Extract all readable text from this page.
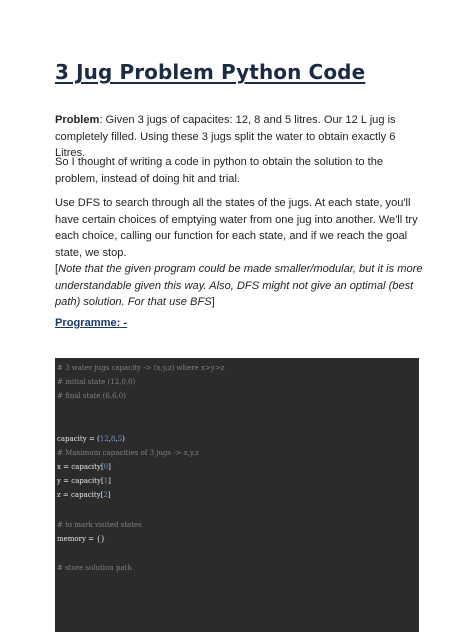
3 Jug Problem Python Code
Problem: Given 3 jugs of capacites: 12, 8 and 5 litres. Our 12 L jug is completely filled. Using these 3 jugs split the water to obtain exactly 6 Litres.
So I thought of writing a code in python to obtain the solution to the problem, instead of doing hit and trial.
Use DFS to search through all the states of the jugs. At each state, you'll have certain choices of emptying water from one jug into another. We'll try each choice, calling our function for each state, and if we reach the goal state, we stop.
[Note that the given program could be made smaller/modular, but it is more understandable given this way. Also, DFS might not give an optimal (best path) solution. For that use BFS]
Programme: -
# 3 water jugs capacity -> (x,y,z) where x>y>z
# initial state (12,0,0)
# final state (6,6,0)
capacity = (12,8,5)
# Maximum capacities of 3 jugs -> x,y,z
x = capacity[0]
y = capacity[1]
z = capacity[2]
# to mark visited states
memory = {}
# store solution path
